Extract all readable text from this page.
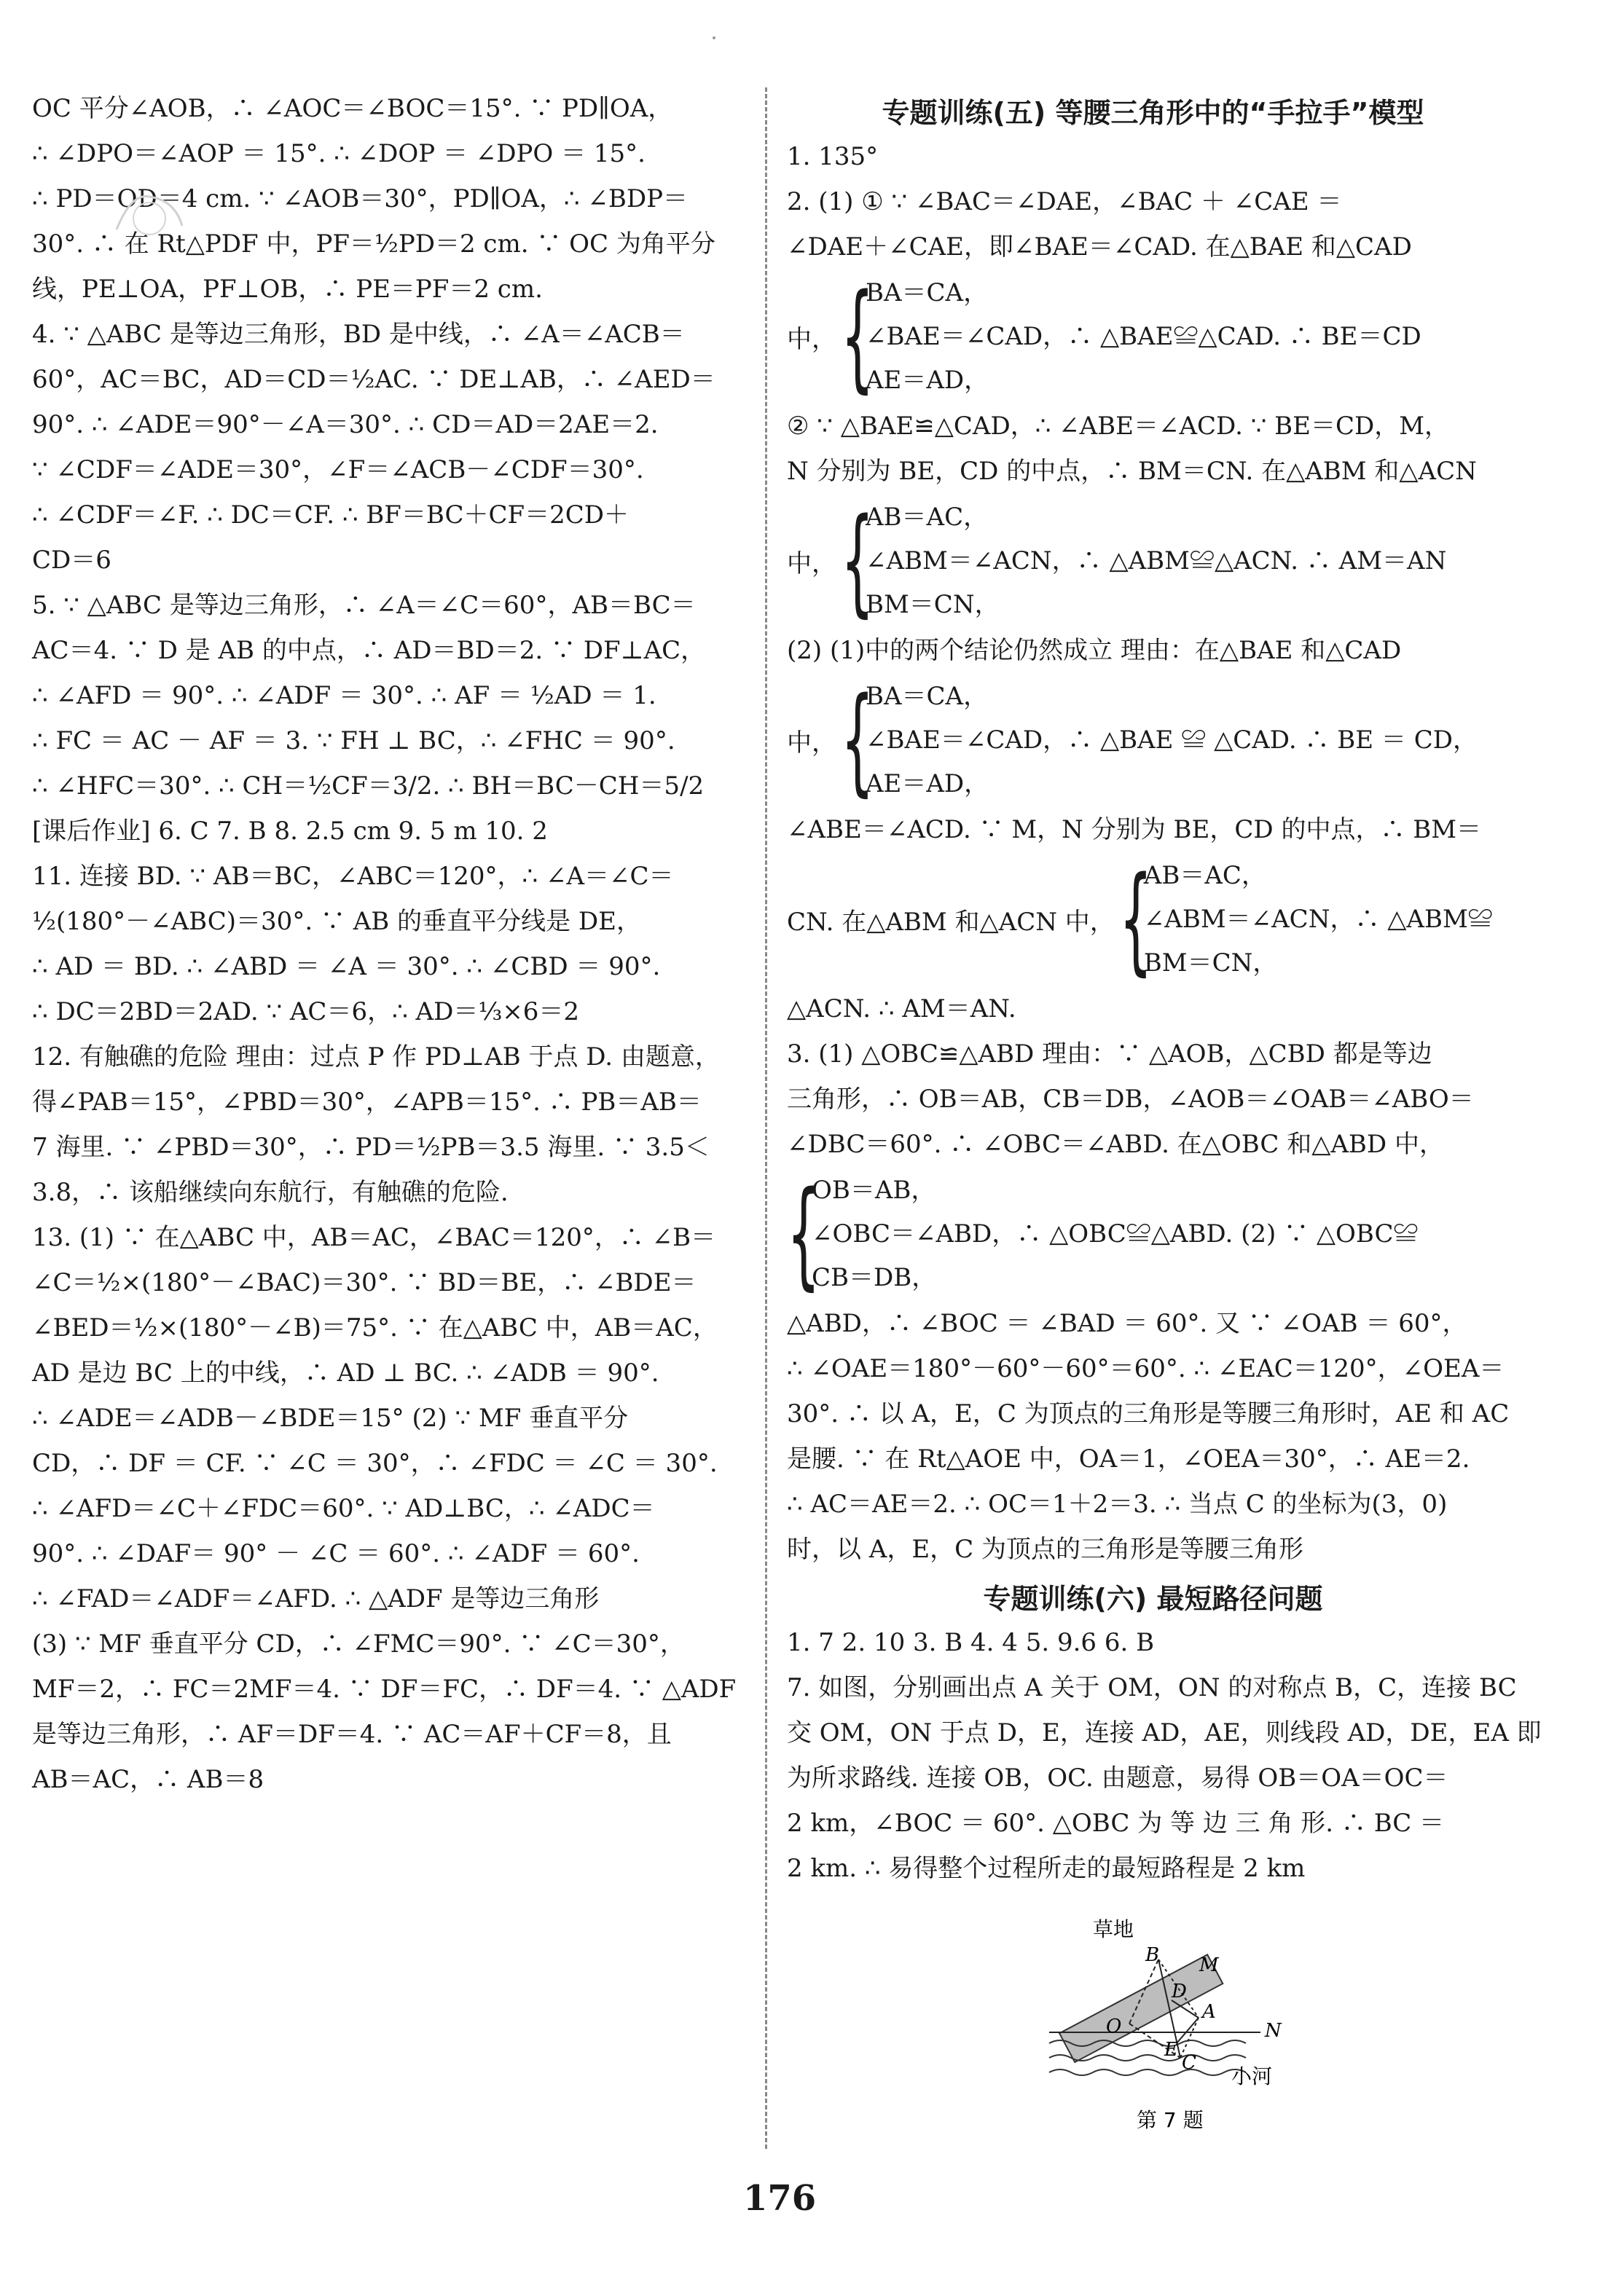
OC 平分∠AOB，∴ ∠AOC＝∠BOC＝15°. ∵ PD∥OA，
∴ ∠DPO＝∠AOP ＝ 15°. ∴ ∠DOP ＝ ∠DPO ＝ 15°.
∴ PD＝OD＝4 cm. ∵ ∠AOB＝30°，PD∥OA，∴ ∠BDP＝
30°. ∴ 在 Rt△PDF 中，PF＝½PD＝2 cm. ∵ OC 为角平分
线，PE⊥OA，PF⊥OB，∴ PE＝PF＝2 cm.
4. ∵ △ABC 是等边三角形，BD 是中线，∴ ∠A＝∠ACB＝
60°，AC＝BC，AD＝CD＝½AC. ∵ DE⊥AB，∴ ∠AED＝
90°. ∴ ∠ADE＝90°－∠A＝30°. ∴ CD＝AD＝2AE＝2.
∵ ∠CDF＝∠ADE＝30°，∠F＝∠ACB－∠CDF＝30°.
∴ ∠CDF＝∠F. ∴ DC＝CF. ∴ BF＝BC＋CF＝2CD＋
CD＝6
5. ∵ △ABC 是等边三角形，∴ ∠A＝∠C＝60°，AB＝BC＝
AC＝4. ∵ D 是 AB 的中点，∴ AD＝BD＝2. ∵ DF⊥AC，
∴ ∠AFD ＝ 90°. ∴ ∠ADF ＝ 30°. ∴ AF ＝ ½AD ＝ 1.
∴ FC ＝ AC － AF ＝ 3. ∵ FH ⊥ BC，∴ ∠FHC ＝ 90°.
∴ ∠HFC＝30°. ∴ CH＝½CF＝3/2. ∴ BH＝BC－CH＝5/2
[课后作业] 6. C 7. B 8. 2.5 cm 9. 5 m 10. 2
11. 连接 BD. ∵ AB＝BC，∠ABC＝120°，∴ ∠A＝∠C＝
½(180°－∠ABC)＝30°. ∵ AB 的垂直平分线是 DE，
∴ AD ＝ BD. ∴ ∠ABD ＝ ∠A ＝ 30°. ∴ ∠CBD ＝ 90°.
∴ DC＝2BD＝2AD. ∵ AC＝6，∴ AD＝⅓×6＝2
12. 有触礁的危险 理由：过点 P 作 PD⊥AB 于点 D. 由题意，
得∠PAB＝15°，∠PBD＝30°，∠APB＝15°. ∴ PB＝AB＝
7 海里. ∵ ∠PBD＝30°，∴ PD＝½PB＝3.5 海里. ∵ 3.5＜
3.8，∴ 该船继续向东航行，有触礁的危险.
13. (1) ∵ 在△ABC 中，AB＝AC，∠BAC＝120°，∴ ∠B＝
∠C＝½×(180°－∠BAC)＝30°. ∵ BD＝BE，∴ ∠BDE＝
∠BED＝½×(180°－∠B)＝75°. ∵ 在△ABC 中，AB＝AC，
AD 是边 BC 上的中线，∴ AD ⊥ BC. ∴ ∠ADB ＝ 90°.
∴ ∠ADE＝∠ADB－∠BDE＝15° (2) ∵ MF 垂直平分
CD，∴ DF ＝ CF. ∵ ∠C ＝ 30°，∴ ∠FDC ＝ ∠C ＝ 30°.
∴ ∠AFD＝∠C＋∠FDC＝60°. ∵ AD⊥BC，∴ ∠ADC＝
90°. ∴ ∠DAF＝ 90° － ∠C ＝ 60°. ∴ ∠ADF ＝ 60°.
∴ ∠FAD＝∠ADF＝∠AFD. ∴ △ADF 是等边三角形
(3) ∵ MF 垂直平分 CD，∴ ∠FMC＝90°. ∵ ∠C＝30°，
MF＝2，∴ FC＝2MF＝4. ∵ DF＝FC，∴ DF＝4. ∵ △ADF
是等边三角形，∴ AF＝DF＝4. ∵ AC＝AF＋CF＝8，且
AB＝AC，∴ AB＝8
专题训练(五) 等腰三角形中的“手拉手”模型
1. 135°
2. (1) ① ∵ ∠BAC＝∠DAE，∠BAC ＋ ∠CAE ＝
∠DAE＋∠CAE，即∠BAE＝∠CAD. 在△BAE 和△CAD
中， {
BA＝CA，
∠BAE＝∠CAD，∴ △BAE≌△CAD. ∴ BE＝CD
AE＝AD，
② ∵ △BAE≌△CAD，∴ ∠ABE＝∠ACD. ∵ BE＝CD，M，
N 分别为 BE，CD 的中点，∴ BM＝CN. 在△ABM 和△ACN
中， {
AB＝AC，
∠ABM＝∠ACN，∴ △ABM≌△ACN. ∴ AM＝AN
BM＝CN，
(2) (1)中的两个结论仍然成立 理由：在△BAE 和△CAD
中， {
BA＝CA，
∠BAE＝∠CAD，∴ △BAE ≌ △CAD. ∴ BE ＝ CD，
AE＝AD，
∠ABE＝∠ACD. ∵ M，N 分别为 BE，CD 的中点，∴ BM＝
CN. 在△ABM 和△ACN 中， {
AB＝AC，
∠ABM＝∠ACN，∴ △ABM≌
BM＝CN，
△ACN. ∴ AM＝AN.
3. (1) △OBC≌△ABD 理由：∵ △AOB，△CBD 都是等边
三角形，∴ OB＝AB，CB＝DB，∠AOB＝∠OAB＝∠ABO＝
∠DBC＝60°. ∴ ∠OBC＝∠ABD. 在△OBC 和△ABD 中，
{
OB＝AB，
∠OBC＝∠ABD，∴ △OBC≌△ABD. (2) ∵ △OBC≌
CB＝DB，
△ABD，∴ ∠BOC ＝ ∠BAD ＝ 60°. 又 ∵ ∠OAB ＝ 60°，
∴ ∠OAE＝180°－60°－60°＝60°. ∴ ∠EAC＝120°，∠OEA＝
30°. ∴ 以 A，E，C 为顶点的三角形是等腰三角形时，AE 和 AC
是腰. ∵ 在 Rt△AOE 中，OA＝1，∠OEA＝30°，∴ AE＝2.
∴ AC＝AE＝2. ∴ OC＝1＋2＝3. ∴ 当点 C 的坐标为(3，0)
时，以 A，E，C 为顶点的三角形是等腰三角形
专题训练(六) 最短路径问题
1. 7 2. 10 3. B 4. 4 5. 9.6 6. B
7. 如图，分别画出点 A 关于 OM，ON 的对称点 B，C，连接 BC
交 OM，ON 于点 D，E，连接 AD，AE，则线段 AD，DE，EA 即
为所求路线. 连接 OB，OC. 由题意，易得 OB＝OA＝OC＝
2 km，∠BOC ＝ 60°. △OBC 为 等 边 三 角 形. ∴ BC ＝
2 km. ∴ 易得整个过程所走的最短路程是 2 km
草地
B M
D
A
O	N
E
C
小河
第 7 题
176
